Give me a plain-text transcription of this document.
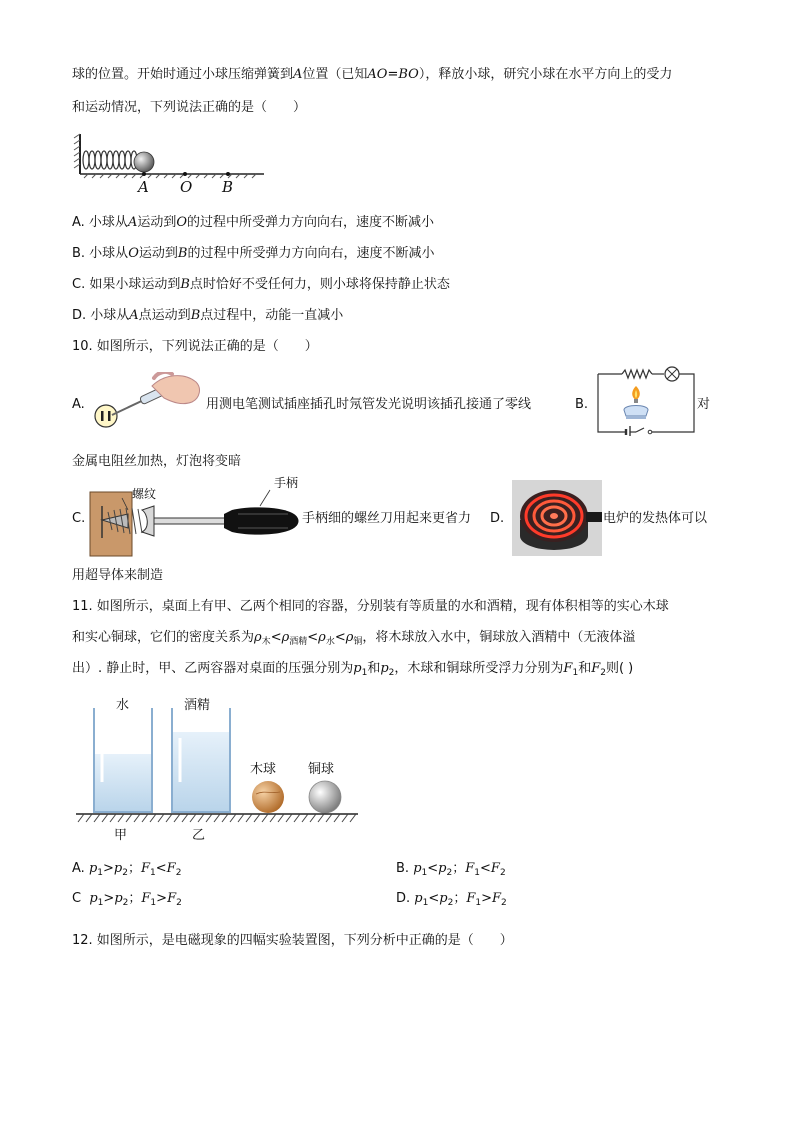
球的位置。开始时通过小球压缩弹簧到A位置（已知AO=BO），释放小球，研究小球在水平方向上的受力
和运动情况，下列说法正确的是（　　）
A O B
A. 小球从A运动到O的过程中所受弹力方向向右，速度不断减小
B. 小球从O运动到B的过程中所受弹力方向向右，速度不断减小
C. 如果小球运动到B点时恰好不受任何力，则小球将保持静止状态
D. 小球从A点运动到B点过程中，动能一直减小
10. 如图所示，下列说法正确的是（　　）
A.	用测电笔测试插座插孔时氖管发光说明该插孔接通了零线	B.	对
金属电阻丝加热，灯泡将变暗
C.
螺纹
手柄
手柄细的螺丝刀用起来更省力 D.	电炉的发热体可以
用超导体来制造
11. 如图所示，桌面上有甲、乙两个相同的容器，分别装有等质量的水和酒精，现有体积相等的实心木球
和实心铜球，它们的密度关系为$\rho_木<\rho_{酒精}<\rho_水<\rho_铜$，将木球放入水中，铜球放入酒精中（无液体溢
出）. 静止时，甲、乙两容器对桌面的压强分别为$p_1$和$p_2$，木球和铜球所受浮力分别为$F_1$和$F_2$则( )
水	酒精
木球 铜球
甲	乙
A. $p_1>p_2$；$F_1<F_2$	B. $p_1<p_2$；$F_1<F_2$
C $p_1>p_2$；$F_1>F_2$	D. $p_1<p_2$；$F_1>F_2$
12. 如图所示，是电磁现象的四幅实验装置图，下列分析中正确的是（　　）
